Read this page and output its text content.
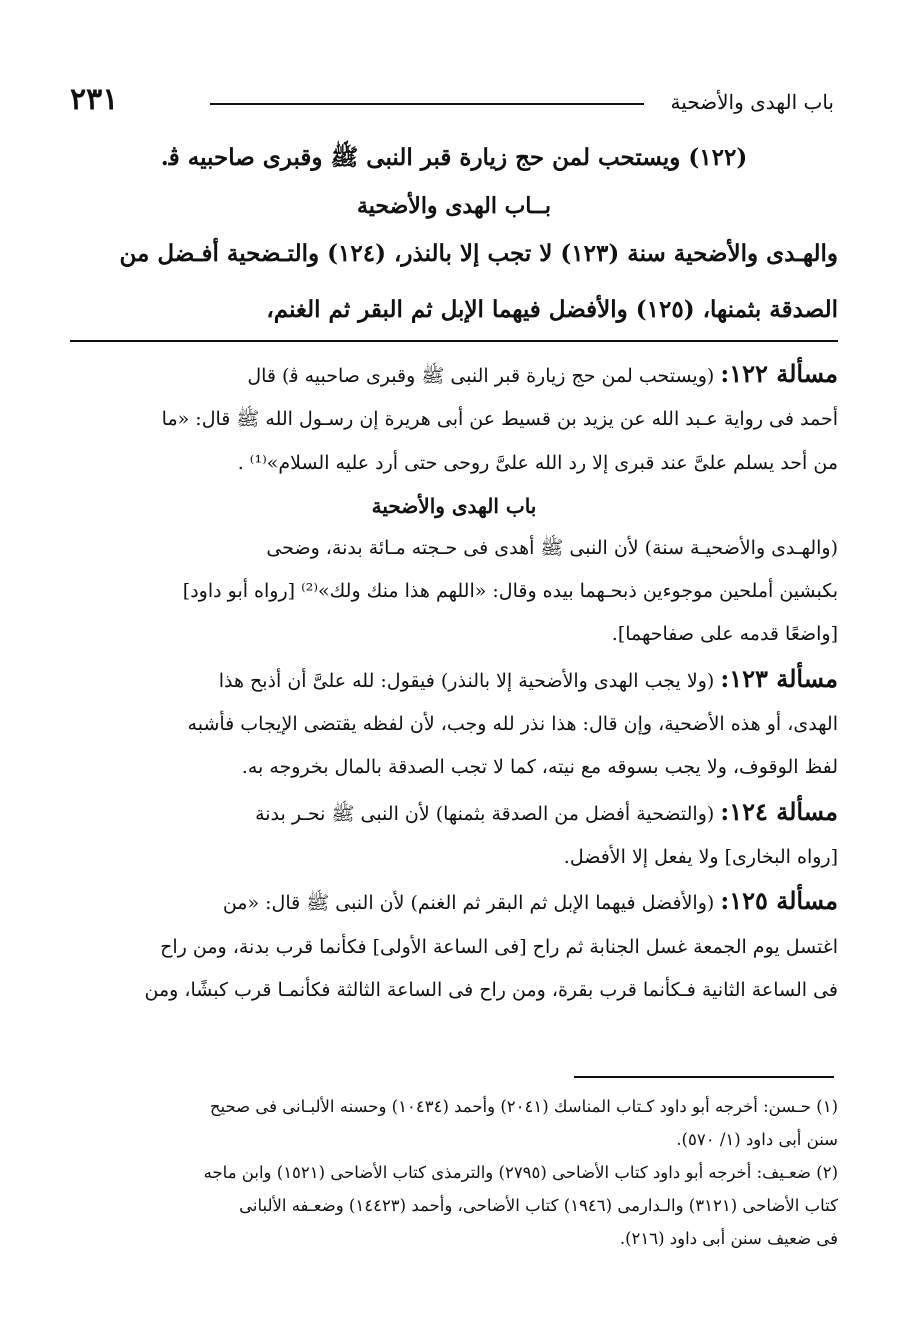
باب الهدى والأضحية
٢٣١
(١٢٢) ويستحب لمن حج زيارة قبر النبى ﷺ وقبرى صاحبيه ﭬ.
بــاب الهدى والأضحية
والهـدى والأضحية سنة (١٢٣) لا تجب إلا بالنذر، (١٢٤) والتـضحية أفـضل من
الصدقة بثمنها، (١٢٥) والأفضل فيهما الإبل ثم البقر ثم الغنم،
مسألة ١٢٢: (ويستحب لمن حج زيارة قبر النبى ﷺ وقبرى صاحبيه ﭬ) قال
أحمد فى رواية عـبد الله عن يزيد بن قسيط عن أبى هريرة إن رسـول الله ﷺ قال: «ما
من أحد يسلم علىَّ عند قبرى إلا رد الله علىَّ روحى حتى أرد عليه السلام»⁽¹⁾ .
باب الهدى والأضحية
(والهـدى والأضحيـة سنة) لأن النبى ﷺ أهدى فى حـجته مـائة بدنة، وضحى
بكبشين أملحين موجوءين ذبحـهما بيده وقال: «اللهم هذا منك ولك»⁽²⁾ [رواه أبو داود]
[واضعًا قدمه على صفاحهما].
مسألة ١٢٣: (ولا يجب الهدى والأضحية إلا بالنذر) فيقول: لله علىَّ أن أذبح هذا
الهدى، أو هذه الأضحية، وإن قال: هذا نذر لله وجب، لأن لفظه يقتضى الإيجاب فأشبه
لفظ الوقوف، ولا يجب بسوقه مع نيته، كما لا تجب الصدقة بالمال بخروجه به.
مسألة ١٢٤: (والتضحية أفضل من الصدقة بثمنها) لأن النبى ﷺ نحـر بدنة
[رواه البخارى] ولا يفعل إلا الأفضل.
مسألة ١٢٥: (والأفضل فيهما الإبل ثم البقر ثم الغنم) لأن النبى ﷺ قال: «من
اغتسل يوم الجمعة غسل الجنابة ثم راح [فى الساعة الأولى] فكأنما قرب بدنة، ومن راح
فى الساعة الثانية فـكأنما قرب بقرة، ومن راح فى الساعة الثالثة فكأنمـا قرب كبشًا، ومن
(١) حـسن: أخرجه أبو داود كـتاب المناسك (٢٠٤١) وأحمد (١٠٤٣٤) وحسنه الألبـانى فى صحيح
سنن أبى داود (١/ ٥٧٠).
(٢) ضعـيف: أخرجه أبو داود كتاب الأضاحى (٢٧٩٥) والترمذى كتاب الأضاحى (١٥٢١) وابن ماجه
كتاب الأضاحى (٣١٢١) والـدارمى (١٩٤٦) كتاب الأضاحى، وأحمد (١٤٤٢٣) وضعـفه الألبانى
فى ضعيف سنن أبى داود (٢١٦).
